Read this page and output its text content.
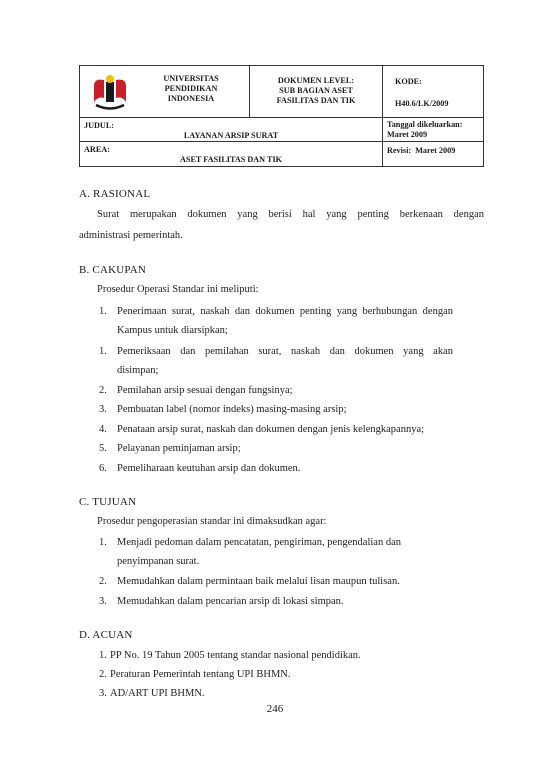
UNIVERSITAS
PENDIDIKAN
INDONESIA
DOKUMEN LEVEL:
SUB BAGIAN ASET
FASILITAS DAN TIK
KODE:
H40.6/LK/2009
JUDUL:
LAYANAN ARSIP SURAT
Tanggal dikeluarkan:
Maret 2009
AREA:
ASET FASILITAS DAN TIK
Revisi:  Maret 2009
A. RASIONAL
Surat merupakan dokumen yang berisi hal yang penting berkenaan dengan
administrasi pemerintah.
B. CAKUPAN
Prosedur Operasi Standar ini meliputi:
1. Penerimaan surat, naskah dan dokumen penting yang berhubungan dengan
Kampus untuk diarsipkan;
1. Pemeriksaan dan pemilahan surat, naskah dan dokumen yang akan
disimpan;
2. Pemilahan arsip sesuai dengan fungsinya;
3. Pembuatan label (nomor indeks) masing-masing arsip;
4. Penataan arsip surat, naskah dan dokumen dengan jenis kelengkapannya;
5. Pelayanan peminjaman arsip;
6. Pemeliharaan keutuhan arsip dan dokumen.
C. TUJUAN
Prosedur pengoperasian standar ini dimaksudkan agar:
1. Menjadi pedoman dalam pencatatan, pengiriman, pengendalian dan
penyimpanan surat.
2. Memudahkan dalam permintaan baik melalui lisan maupun tulisan.
3. Memudahkan dalam pencarian arsip di lokasi simpan.
D. ACUAN
1. PP No. 19 Tahun 2005 tentang standar nasional pendidikan.
2. Peraturan Pemerintah tentang UPI BHMN.
3. AD/ART UPI BHMN.
246
